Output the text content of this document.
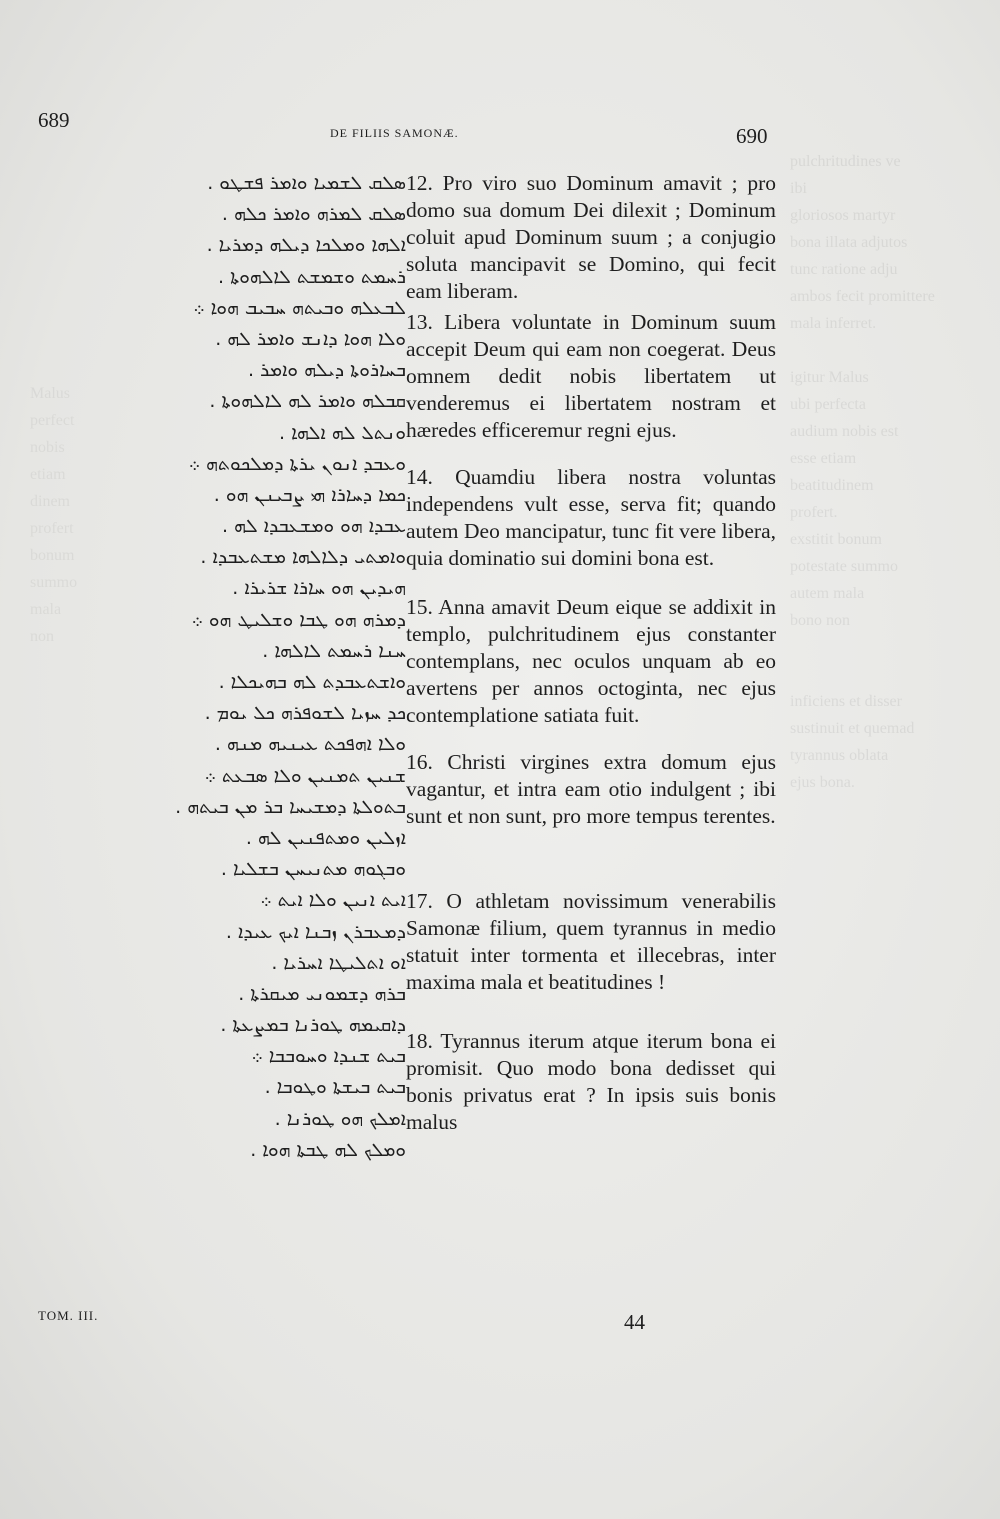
pulchritudines ve
ibi
gloriosos martyr
bona illata adjutos
tunc ratione adju
ambos fecit promittere
mala inferret.

igitur Malus
ubi perfecta
audium nobis est
esse etiam
beatitudinem
profert.
exstitit bonum
potestate summo
autem mala
bono non

inficiens et disser
sustinuit et quemad
tyrannus oblata
ejus bona.
Malus
perfect
nobis
etiam
dinem
profert
bonum
summo
mala
non
689
DE FILIIS SAMONÆ.	690
ܣܠܩ ܠܫܡܝܐ ܘܐܡܪ ܦܫܛܘ .
ܣܠܩ ܠܡܪܗ ܘܐܡܪ ܟܠܗ .
ܐܠܗܐ ܘܡܠܟܐ ܕܝܠܗ ܕܡܪܝܐ .
ܪܚܡܬ ܘܫܡܫܬ ܠܐܠܗܘܬܐ .
ܠܒܥܠܗ ܘܒܝܬܗ ܚܒܝܒ ܗܘܐ ܀
ܘܠܐ ܗܘܐ ܕܐܢܫ ܘܐܡܪ ܠܗ .
ܒܚܐܪܘܬܐ ܕܝܠܗ ܘܐܡܪ .
ܩܒܠܗ ܘܐܡܪ ܠܗ ܠܐܠܗܘܬܐ .
ܘܢܬܠ ܠܗ ܐܠܗܐ .
ܘܥܒܕ ܐܢܘܢ ܝܪܬܐ ܕܡܠܟܘܬܗ ܀
ܟܡܐ ܕܚܐܪܐ ܗܝ ܨܒܝܢܢ ܗܘ .
ܥܒܕܐ ܗܘ ܘܡܫܥܒܕܐ ܠܗ .
ܘܐܡܬܝ ܕܠܐܠܗܐ ܡܫܬܥܒܕܐ .
ܗܝܕܝܢ ܗܘ ܚܐܪܐ ܫܪܝܪܐ .
ܕܡܪܗ ܗܘ ܛܒܐ ܘܫܠܝܛ ܗܘ ܀
ܚܢܐ ܪܚܡܬ ܠܐܠܗܐ .
ܘܐܫܬܥܒܕܬ ܠܗ ܒܗܝܟܠܐ .
ܟܕ ܚܙܝܐ ܠܫܘܦܪܗ ܟܠ ܝܘܡ .
ܘܠܐ ܐܗܦܟܬ ܥܝܢܝܗ ܡܢܗ .
ܫܢܝܢ ܬܡܢܝܢ ܘܠܐ ܣܒܥܬ ܀
ܒܬܘܠܬܐ ܕܡܫܝܚܐ ܒܪ ܡܢ ܒܝܬܗ .
ܐܙܠܝܢ ܘܡܬܦܢܝܢ ܠܗ .
ܘܒܓܘܗ ܡܬܢܝܚܢ ܒܫܠܝܐ .
ܐܝܬ ܐܢܝܢ ܘܠܐ ܐܝܬ ܀
ܕܡܥܒܪܢ ܙܒܢܐ ܐܝܟ ܥܝܕܐ .
ܐܘ ܐܬܠܝܛܐ ܐܚܪܝܐ .
ܒܪܗ ܕܫܡܘܢܝ ܡܝܩܪܬܐ .
ܕܐܩܝܡܗ ܛܘܪܢܐ ܒܡܨܥܬܐ .
ܒܝܬ ܫܢܕܐ ܘܚܘܒܒܐ ܀
ܒܝܬ ܒܝܫܬܐ ܘܛܘܒܐ .
ܐܡܠܟ ܗܘ ܛܘܪܢܐ .
ܘܡܠܟ ܠܗ ܛܒܬܐ ܗܘܐ .

12. Pro viro suo Dominum amavit ; pro domo sua domum Dei dilexit ; Dominum coluit apud Dominum suum ; a conjugio soluta mancipavit se Domino, qui fecit eam liberam.

13. Libera voluntate in Dominum suum accepit Deum qui eam non coegerat. Deus omnem dedit nobis libertatem ut venderemus ei libertatem nostram et hæredes efficeremur regni ejus.

14. Quamdiu libera nostra voluntas independens vult esse, serva fit; quando autem Deo mancipatur, tunc fit vere libera, quia dominatio sui domini bona est.

15. Anna amavit Deum eique se addixit in templo, pulchritudinem ejus constanter contemplans, nec oculos unquam ab eo avertens per annos octoginta, nec ejus contemplatione satiata fuit.

16. Christi virgines extra domum ejus vagantur, et intra eam otio indulgent ; ibi sunt et non sunt, pro more tempus terentes.

17. O athletam novissimum venerabilis Samonæ filium, quem tyrannus in medio statuit inter tormenta et illecebras, inter maxima mala et beatitudines !

18. Tyrannus iterum atque iterum bona ei promisit. Quo modo bona dedisset qui bonis privatus erat ? In ipsis suis bonis malus

TOM. III.	44
